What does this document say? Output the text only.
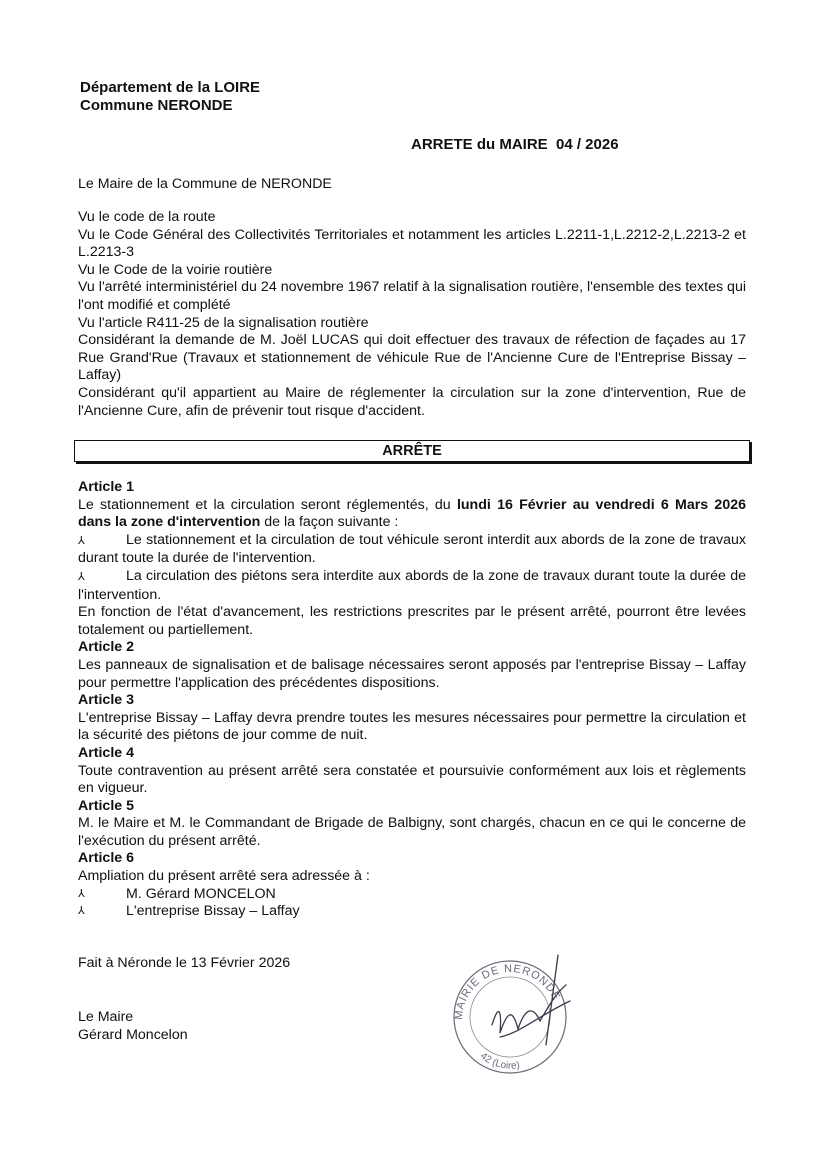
Département de la LOIRE
Commune NERONDE
ARRETE du MAIRE  04 / 2026
Le Maire de la Commune de NERONDE

Vu le code de la route

Vu le Code Général des Collectivités Territoriales et notamment les articles L.2211-1,L.2212-2,L.2213-2 et L.2213-3

Vu le Code de la voirie routière

Vu l'arrêté interministériel du 24 novembre 1967 relatif à la signalisation routière, l'ensemble des textes qui l'ont modifié et complété

Vu l'article R411-25 de la signalisation routière

Considérant la demande de M. Joël LUCAS qui doit effectuer des travaux de réfection de façades au 17 Rue Grand'Rue (Travaux et stationnement de véhicule Rue de l'Ancienne Cure de l'Entreprise Bissay – Laffay)

Considérant qu'il appartient au Maire de réglementer la circulation sur la zone d'intervention, Rue de l'Ancienne Cure, afin de prévenir tout risque d'accident.

ARRÊTE

Article 1

Le stationnement et la circulation seront réglementés, du lundi 16 Février au vendredi 6 Mars 2026 dans la zone d'intervention de la façon suivante :

⅄	Le stationnement et la circulation de tout véhicule seront interdit aux abords de la zone de travaux durant toute la durée de l'intervention.

⅄	La circulation des piétons sera interdite aux abords de la zone de travaux durant toute la durée de l'intervention.

En fonction de l'état d'avancement, les restrictions prescrites par le présent arrêté, pourront être levées totalement ou partiellement.

Article 2

Les panneaux de signalisation et de balisage nécessaires seront apposés par l'entreprise Bissay – Laffay pour permettre l'application des précédentes dispositions.

Article 3

L'entreprise Bissay – Laffay devra prendre toutes les mesures nécessaires pour permettre la circulation et la sécurité des piétons de jour comme de nuit.

Article 4

Toute contravention au présent arrêté sera constatée et poursuivie conformément aux lois et règlements en vigueur.

Article 5

M. le Maire et M. le Commandant de Brigade de Balbigny, sont chargés, chacun en ce qui le concerne de l'exécution du présent arrêté.

Article 6

Ampliation du présent arrêté sera adressée à :

⅄	M. Gérard MONCELON
⅄	L'entreprise Bissay – Laffay
Fait à Néronde le 13 Février 2026
Le Maire
Gérard Moncelon
MAIRIE DE NERONDE
42 (Loire)
